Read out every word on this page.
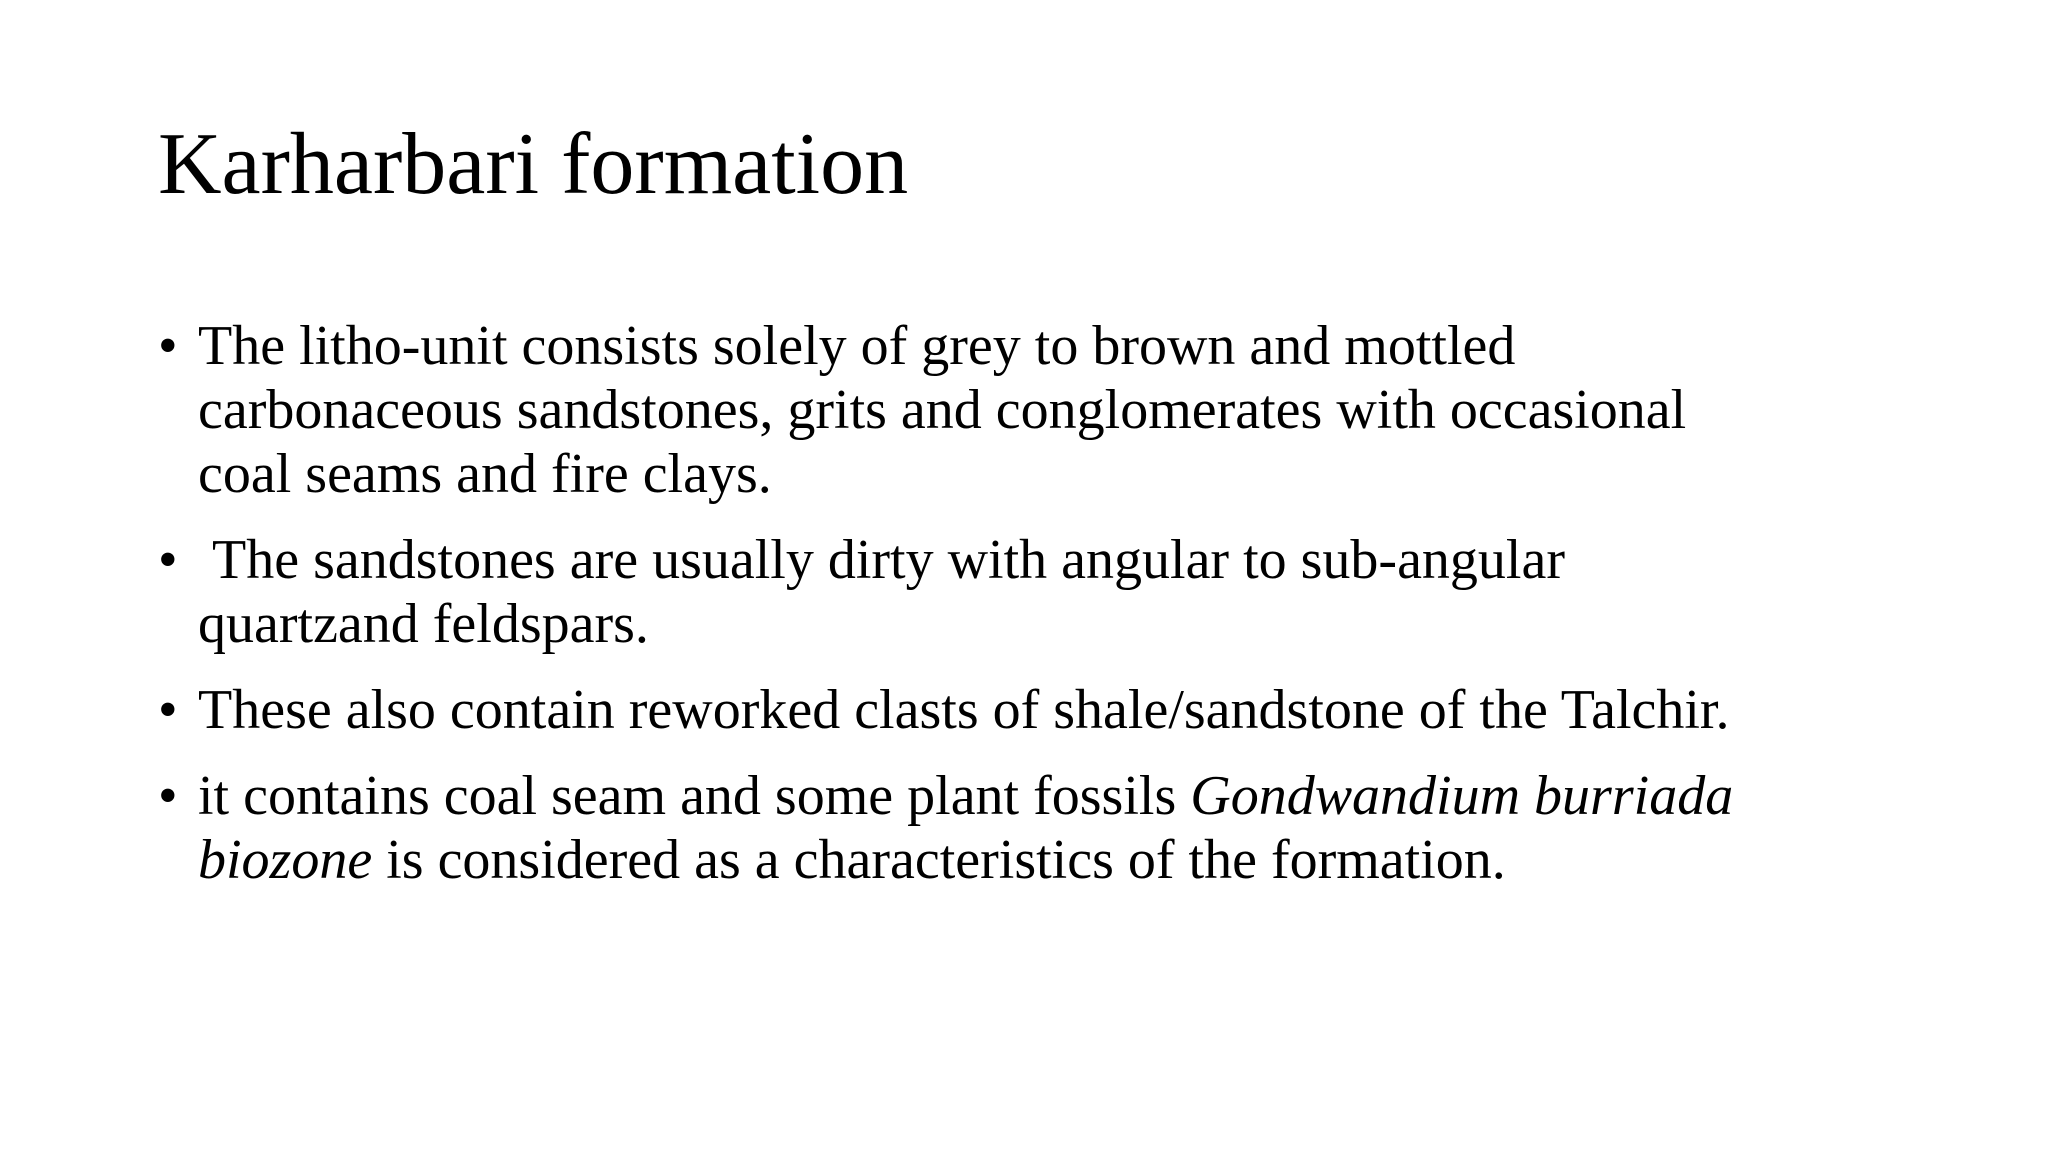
Karharbari formation
• The litho-unit consists solely of grey to brown and mottled
carbonaceous sandstones, grits and conglomerates with occasional
coal seams and fire clays.
• The sandstones are usually dirty with angular to sub-angular
quartzand feldspars.
• These also contain reworked clasts of shale/sandstone of the Talchir.
• it contains coal seam and some plant fossils Gondwandium burriada
biozone is considered as a characteristics of the formation.
